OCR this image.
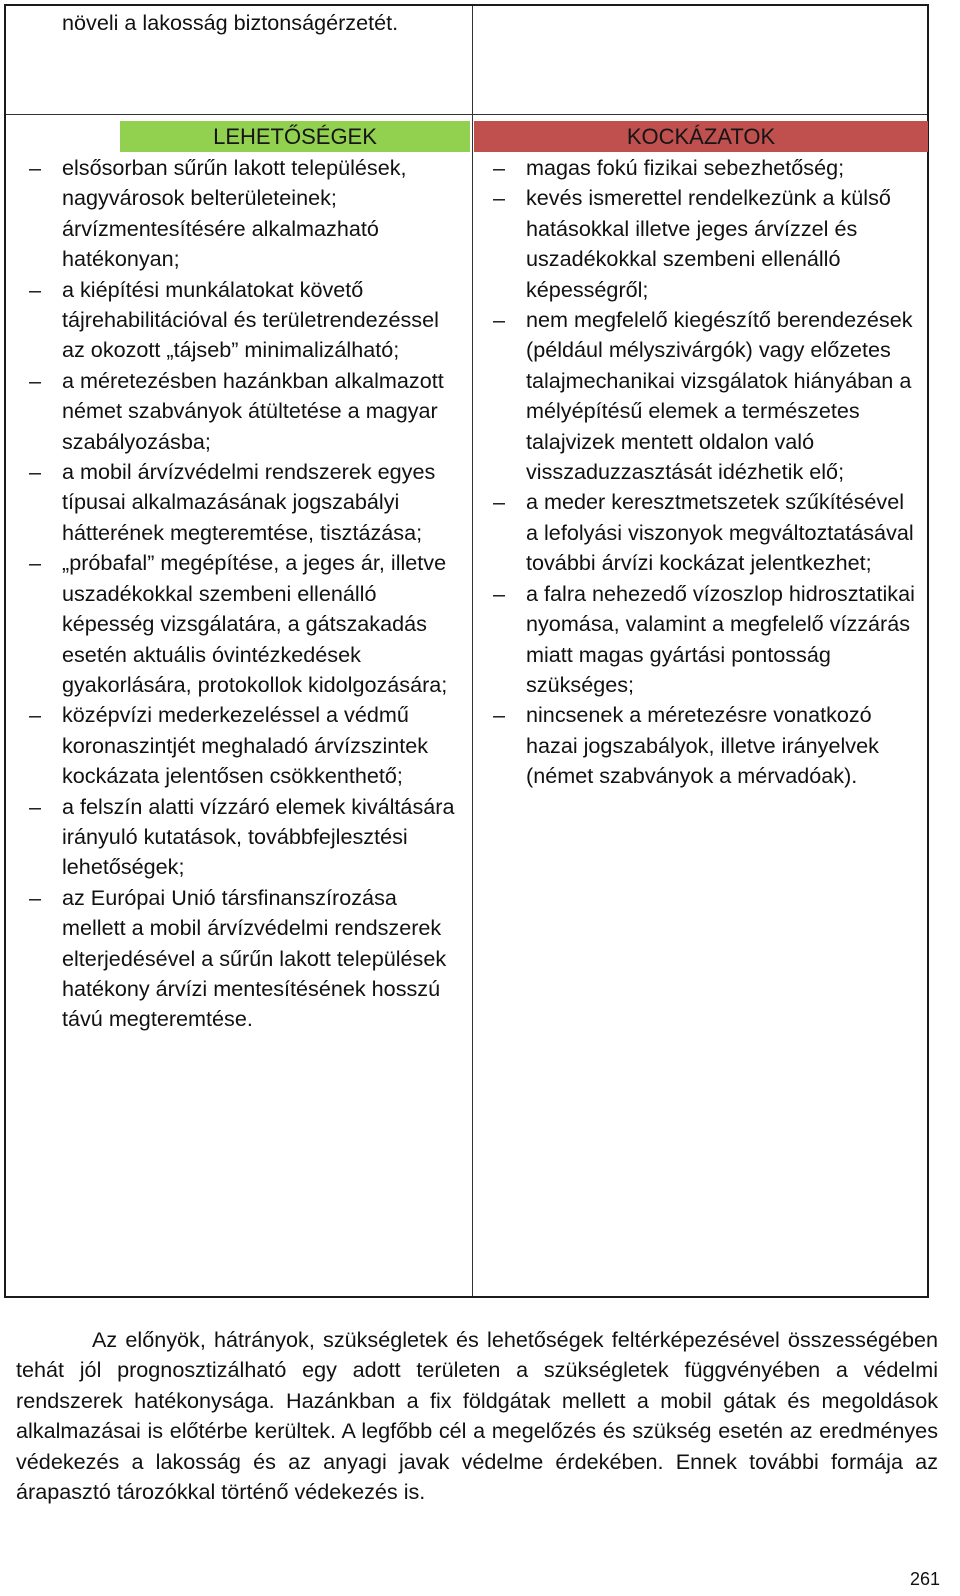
növeli a lakosság biztonságérzetét.
LEHETŐSÉGEK	KOCKÁZATOK
– elsősorban sűrűn lakott települések, nagyvárosok belterületeinek; árvízmentesítésére alkalmazható hatékonyan;
– a kiépítési munkálatokat követő tájrehabilitációval és területrendezéssel az okozott „tájseb” minimalizálható;
– a méretezésben hazánkban alkalmazott német szabványok átültetése a magyar szabályozásba;
– a mobil árvízvédelmi rendszerek egyes típusai alkalmazásának jogszabályi hátterének megteremtése, tisztázása;
– „próbafal” megépítése, a jeges ár, illetve uszadékokkal szembeni ellenálló képesség vizsgálatára, a gátszakadás esetén aktuális óvintézkedések gyakorlására, protokollok kidolgozására;
– középvízi mederkezeléssel a védmű koronaszintjét meghaladó árvízszintek kockázata jelentősen csökkenthető;
– a felszín alatti vízzáró elemek kiváltására irányuló kutatások, továbbfejlesztési lehetőségek;
– az Európai Unió társfinanszírozása mellett a mobil árvízvédelmi rendszerek elterjedésével a sűrűn lakott települések hatékony árvízi mentesítésének hosszú távú megteremtése.
– magas fokú fizikai sebezhetőség;
– kevés ismerettel rendelkezünk a külső hatásokkal illetve jeges árvízzel és uszadékokkal szembeni ellenálló képességről;
– nem megfelelő kiegészítő berendezések (például mélyszivárgók) vagy előzetes talajmechanikai vizsgálatok hiányában a mélyépítésű elemek a természetes talajvizek mentett oldalon való visszaduzzasztását idézhetik elő;
– a meder keresztmetszetek szűkítésével a lefolyási viszonyok megváltoztatásával további árvízi kockázat jelentkezhet;
– a falra nehezedő vízoszlop hidrosztatikai nyomása, valamint a megfelelő vízzárás miatt magas gyártási pontosság szükséges;
– nincsenek a méretezésre vonatkozó hazai jogszabályok, illetve irányelvek (német szabványok a mérvadóak).

Az előnyök, hátrányok, szükségletek és lehetőségek feltérképezésével összességében tehát jól prognosztizálható egy adott területen a szükségletek függvényében a védelmi rendszerek hatékonysága. Hazánkban a fix földgátak mellett a mobil gátak és megoldások alkalmazásai is előtérbe kerültek. A legfőbb cél a megelőzés és szükség esetén az eredményes védekezés a lakosság és az anyagi javak védelme érdekében. Ennek további formája az árapasztó tározókkal történő védekezés is.

261
